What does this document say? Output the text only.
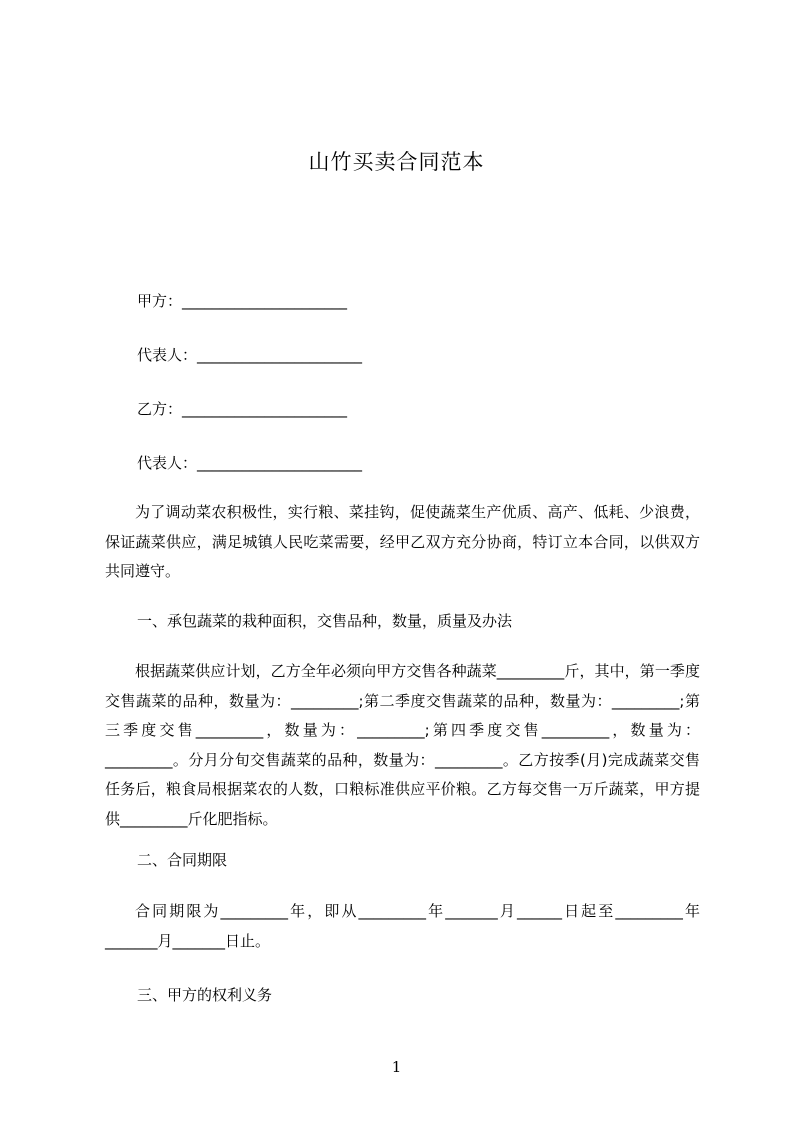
山竹买卖合同范本

甲方：______________________

代表人：______________________

乙方：______________________

代表人：______________________

为了调动菜农积极性，实行粮、菜挂钩，促使蔬菜生产优质、高产、低耗、少浪费，保证蔬菜供应，满足城镇人民吃菜需要，经甲乙双方充分协商，特订立本合同，以供双方共同遵守。

一、承包蔬菜的栽种面积，交售品种，数量，质量及办法

根据蔬菜供应计划，乙方全年必须向甲方交售各种蔬菜_________斤，其中，第一季度交售蔬菜的品种，数量为：_________;第二季度交售蔬菜的品种，数量为：_________;第三季度交售_________，数量为：_________;第四季度交售_________，数量为：_________。分月分旬交售蔬菜的品种，数量为：_________。乙方按季(月)完成蔬菜交售任务后，粮食局根据菜农的人数，口粮标准供应平价粮。乙方每交售一万斤蔬菜，甲方提供_________斤化肥指标。

二、合同期限

合同期限为_________年，即从_________年_______月______日起至_________年_______月_______日止。

三、甲方的权利义务

1
